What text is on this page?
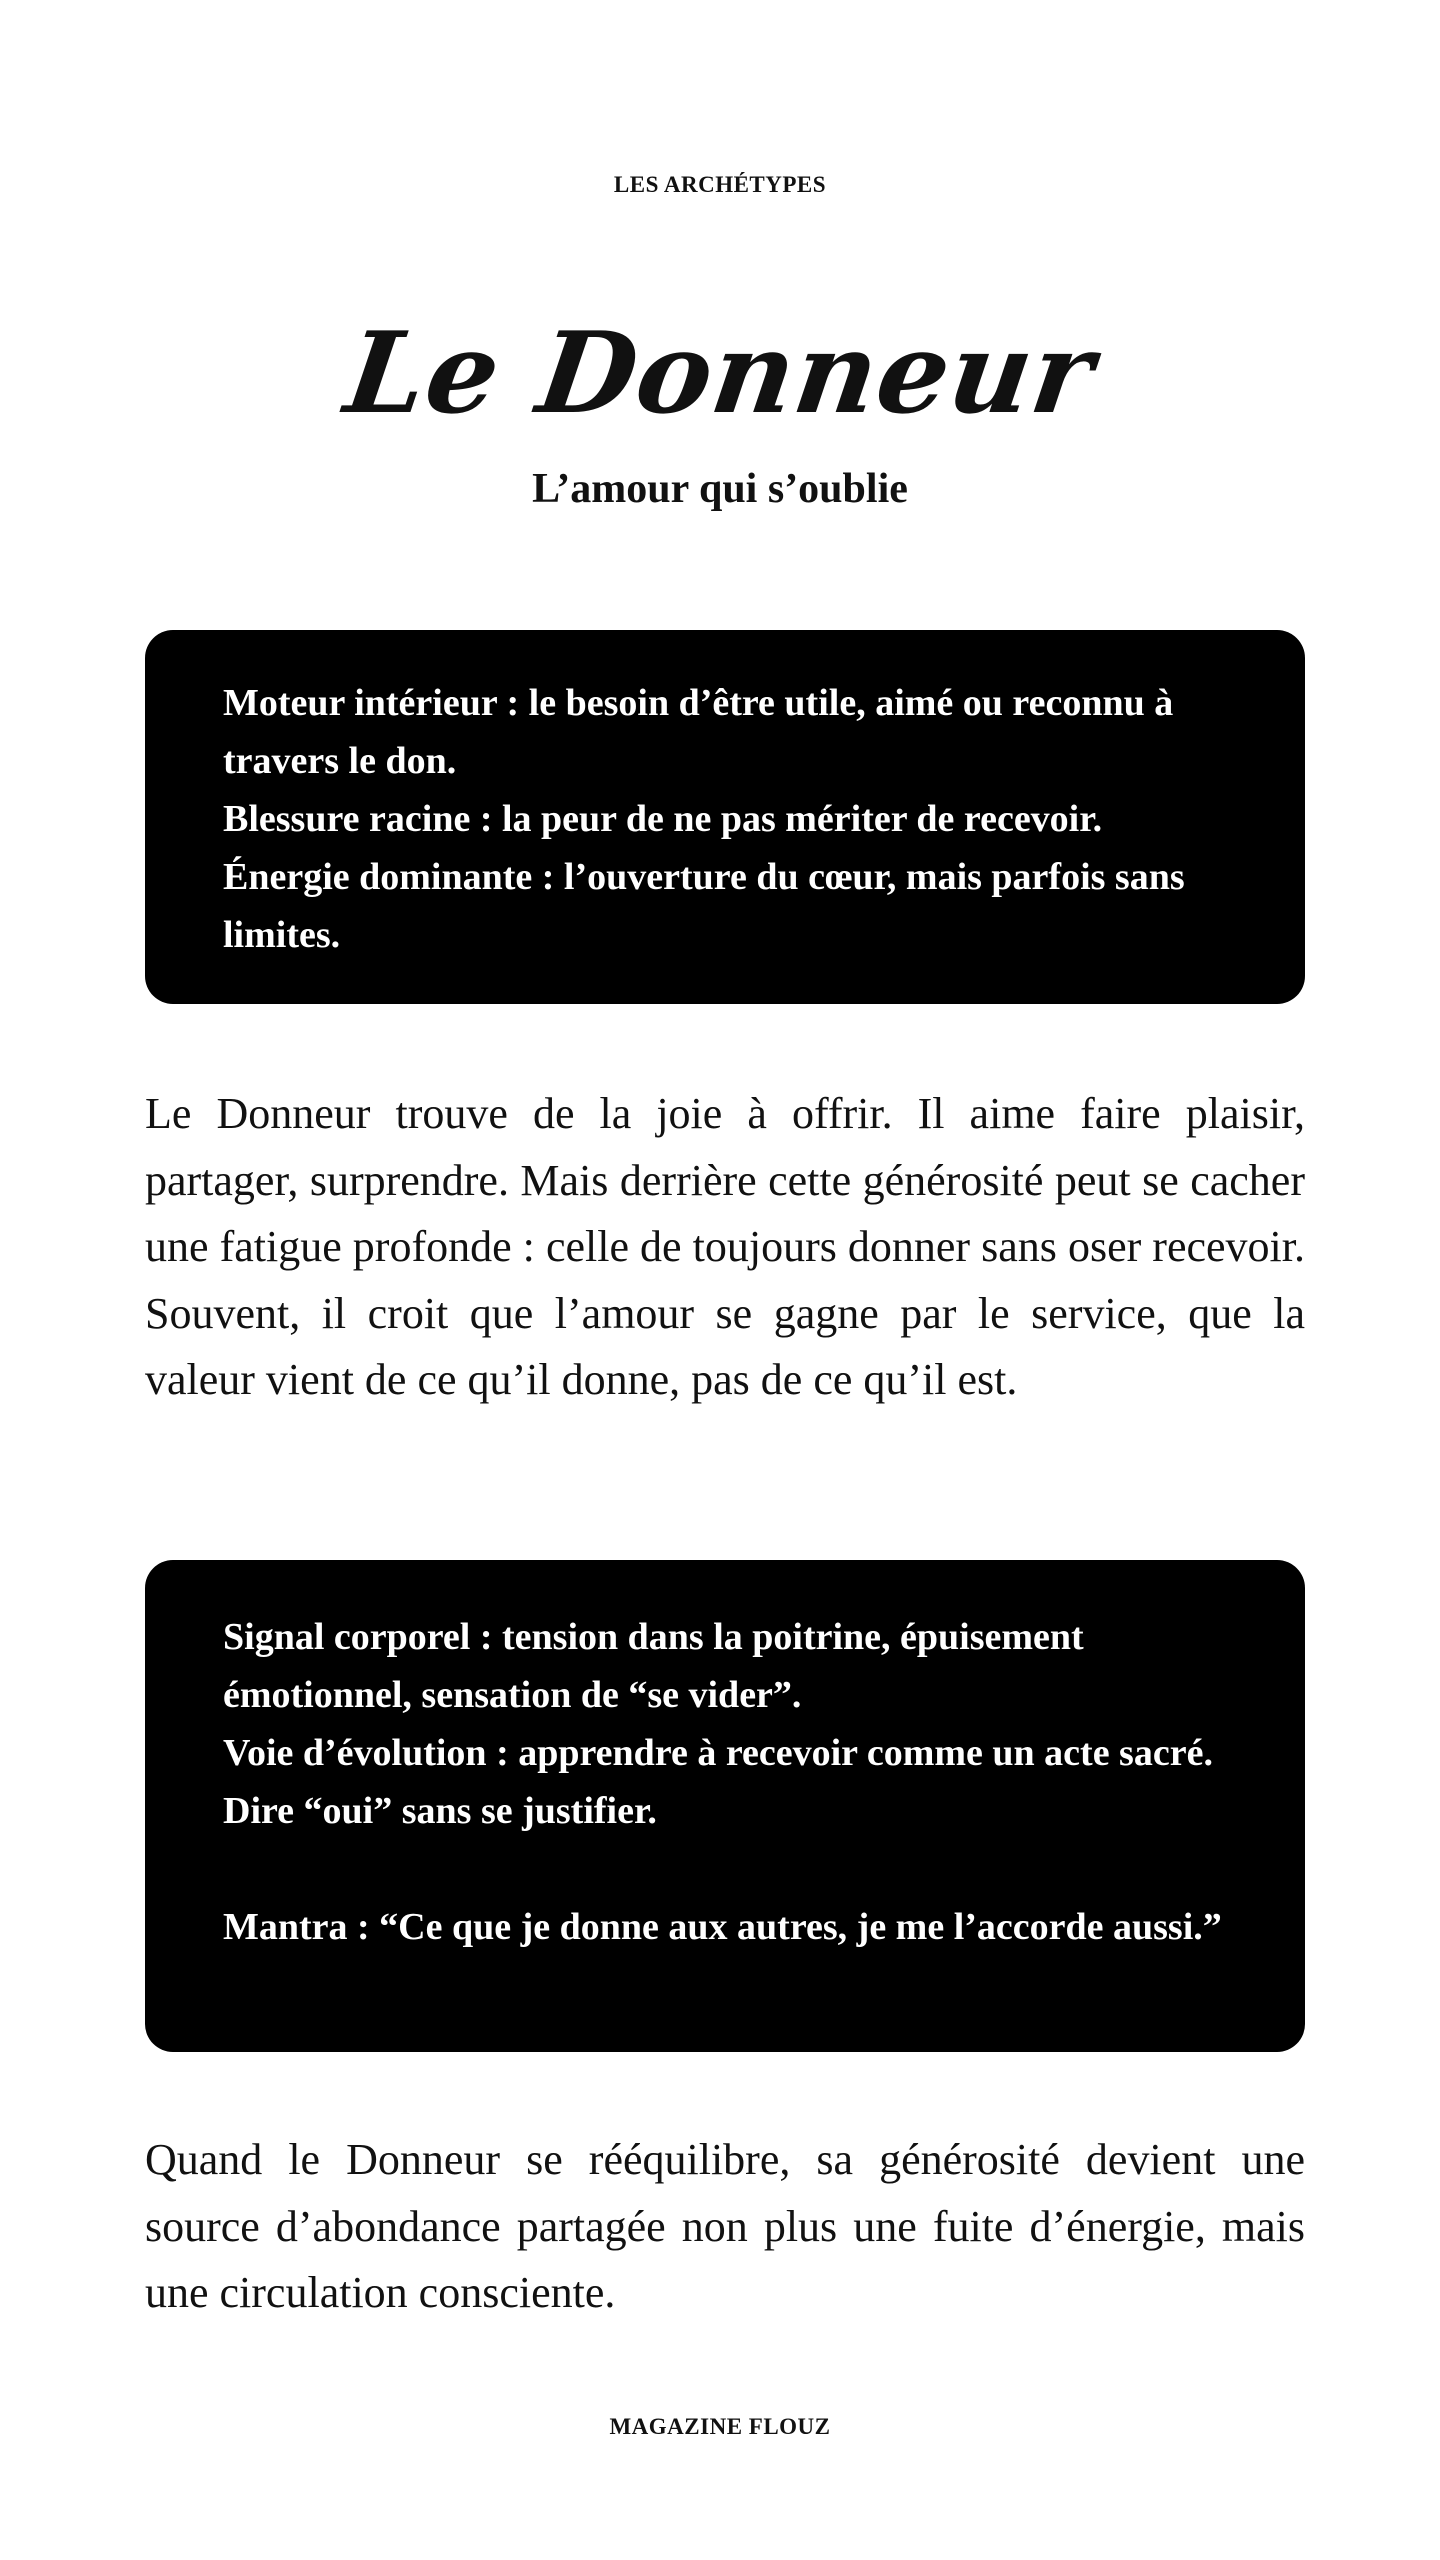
LES ARCHÉTYPES
Le Donneur
L’amour qui s’oublie

Moteur intérieur : le besoin d’être utile, aimé ou reconnu à travers le don.

Blessure racine : la peur de ne pas mériter de recevoir.

Énergie dominante : l’ouverture du cœur, mais parfois sans limites.

Le Donneur trouve de la joie à offrir. Il aime faire plaisir, partager, surprendre. Mais derrière cette générosité peut se cacher une fatigue profonde : celle de toujours donner sans oser recevoir. Souvent, il croit que l’amour se gagne par le service, que la valeur vient de ce qu’il donne, pas de ce qu’il est.

Signal corporel : tension dans la poitrine, épuisement émotionnel, sensation de “se vider”.

Voie d’évolution : apprendre à recevoir comme un acte sacré. Dire “oui” sans se justifier.

Mantra : “Ce que je donne aux autres, je me l’accorde aussi.”

Quand le Donneur se rééquilibre, sa générosité devient une source d’abondance partagée non plus une fuite d’énergie, mais une circulation consciente.

MAGAZINE FLOUZ
